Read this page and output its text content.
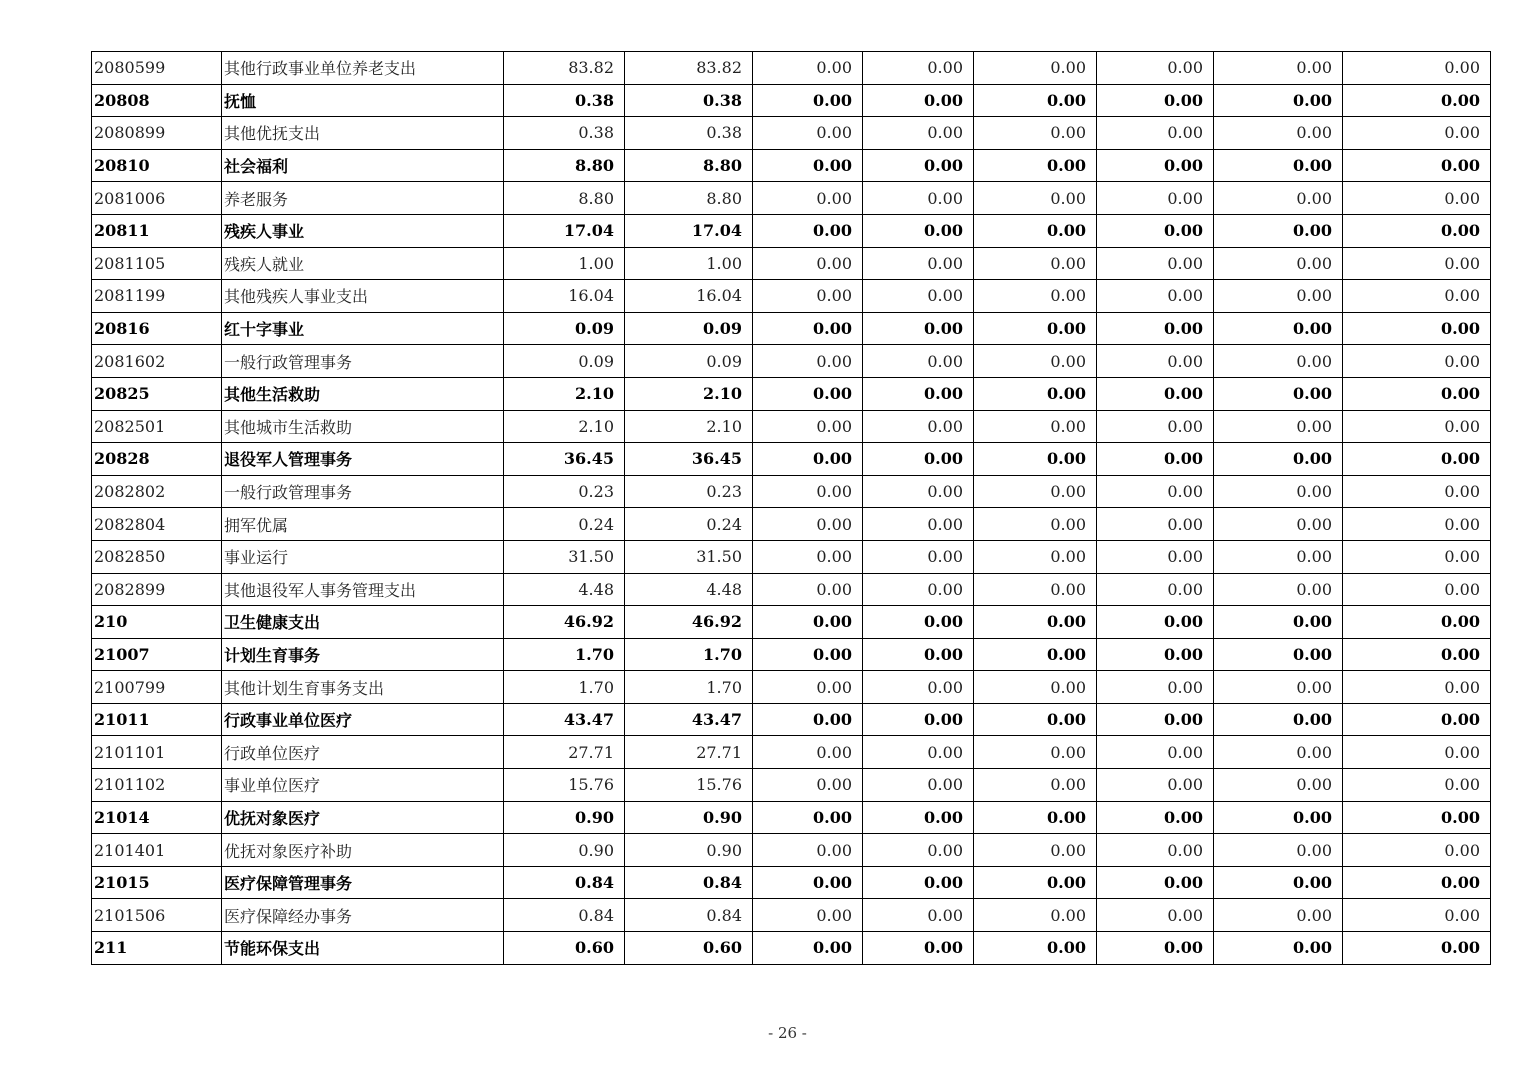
2080599	其他行政事业单位养老支出	83.82	83.82	0.00	0.00	0.00	0.00	0.00	0.00
20808	抚恤	0.38	0.38	0.00	0.00	0.00	0.00	0.00	0.00
2080899	其他优抚支出	0.38	0.38	0.00	0.00	0.00	0.00	0.00	0.00
20810	社会福利	8.80	8.80	0.00	0.00	0.00	0.00	0.00	0.00
2081006	养老服务	8.80	8.80	0.00	0.00	0.00	0.00	0.00	0.00
20811	残疾人事业	17.04	17.04	0.00	0.00	0.00	0.00	0.00	0.00
2081105	残疾人就业	1.00	1.00	0.00	0.00	0.00	0.00	0.00	0.00
2081199	其他残疾人事业支出	16.04	16.04	0.00	0.00	0.00	0.00	0.00	0.00
20816	红十字事业	0.09	0.09	0.00	0.00	0.00	0.00	0.00	0.00
2081602	一般行政管理事务	0.09	0.09	0.00	0.00	0.00	0.00	0.00	0.00
20825	其他生活救助	2.10	2.10	0.00	0.00	0.00	0.00	0.00	0.00
2082501	其他城市生活救助	2.10	2.10	0.00	0.00	0.00	0.00	0.00	0.00
20828	退役军人管理事务	36.45	36.45	0.00	0.00	0.00	0.00	0.00	0.00
2082802	一般行政管理事务	0.23	0.23	0.00	0.00	0.00	0.00	0.00	0.00
2082804	拥军优属	0.24	0.24	0.00	0.00	0.00	0.00	0.00	0.00
2082850	事业运行	31.50	31.50	0.00	0.00	0.00	0.00	0.00	0.00
2082899	其他退役军人事务管理支出	4.48	4.48	0.00	0.00	0.00	0.00	0.00	0.00
210	卫生健康支出	46.92	46.92	0.00	0.00	0.00	0.00	0.00	0.00
21007	计划生育事务	1.70	1.70	0.00	0.00	0.00	0.00	0.00	0.00
2100799	其他计划生育事务支出	1.70	1.70	0.00	0.00	0.00	0.00	0.00	0.00
21011	行政事业单位医疗	43.47	43.47	0.00	0.00	0.00	0.00	0.00	0.00
2101101	行政单位医疗	27.71	27.71	0.00	0.00	0.00	0.00	0.00	0.00
2101102	事业单位医疗	15.76	15.76	0.00	0.00	0.00	0.00	0.00	0.00
21014	优抚对象医疗	0.90	0.90	0.00	0.00	0.00	0.00	0.00	0.00
2101401	优抚对象医疗补助	0.90	0.90	0.00	0.00	0.00	0.00	0.00	0.00
21015	医疗保障管理事务	0.84	0.84	0.00	0.00	0.00	0.00	0.00	0.00
2101506	医疗保障经办事务	0.84	0.84	0.00	0.00	0.00	0.00	0.00	0.00
211	节能环保支出	0.60	0.60	0.00	0.00	0.00	0.00	0.00	0.00
- 26 -
